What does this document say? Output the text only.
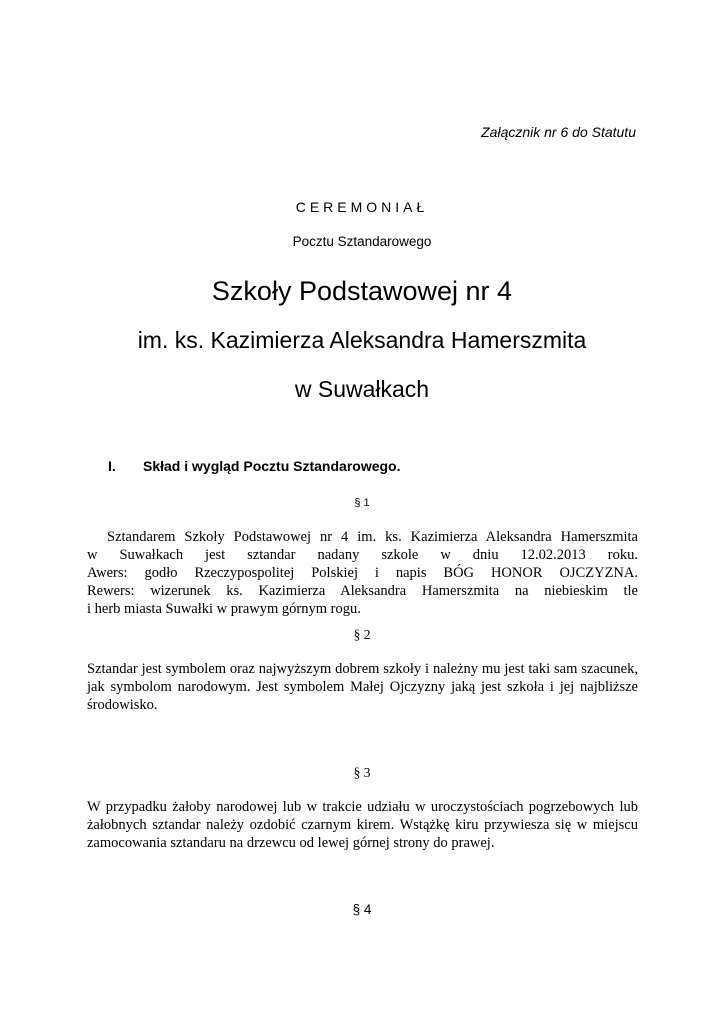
Załącznik nr 6 do Statutu
CEREMONIAŁ
Pocztu Sztandarowego
Szkoły Podstawowej nr 4
im. ks. Kazimierza Aleksandra Hamerszmita
w Suwałkach
I. Skład i wygląd Pocztu Sztandarowego.
§ 1
Sztandarem Szkoły Podstawowej nr 4 im. ks. Kazimierza Aleksandra Hamerszmita
w Suwałkach jest sztandar nadany szkole w dniu 12.02.2013 roku.
Awers: godło Rzeczypospolitej Polskiej i napis BÓG HONOR OJCZYZNA.
Rewers: wizerunek ks. Kazimierza Aleksandra Hamerszmita na niebieskim tle
i herb miasta Suwałki w prawym górnym rogu.
§ 2
Sztandar jest symbolem oraz najwyższym dobrem szkoły i należny mu jest taki sam szacunek,
jak symbolom narodowym. Jest symbolem Małej Ojczyzny jaką jest szkoła i jej najbliższe
środowisko.
§ 3
W przypadku żałoby narodowej lub w trakcie udziału w uroczystościach pogrzebowych lub
żałobnych sztandar należy ozdobić czarnym kirem. Wstążkę kiru przywiesza się w miejscu
zamocowania sztandaru na drzewcu od lewej górnej strony do prawej.
§ 4
